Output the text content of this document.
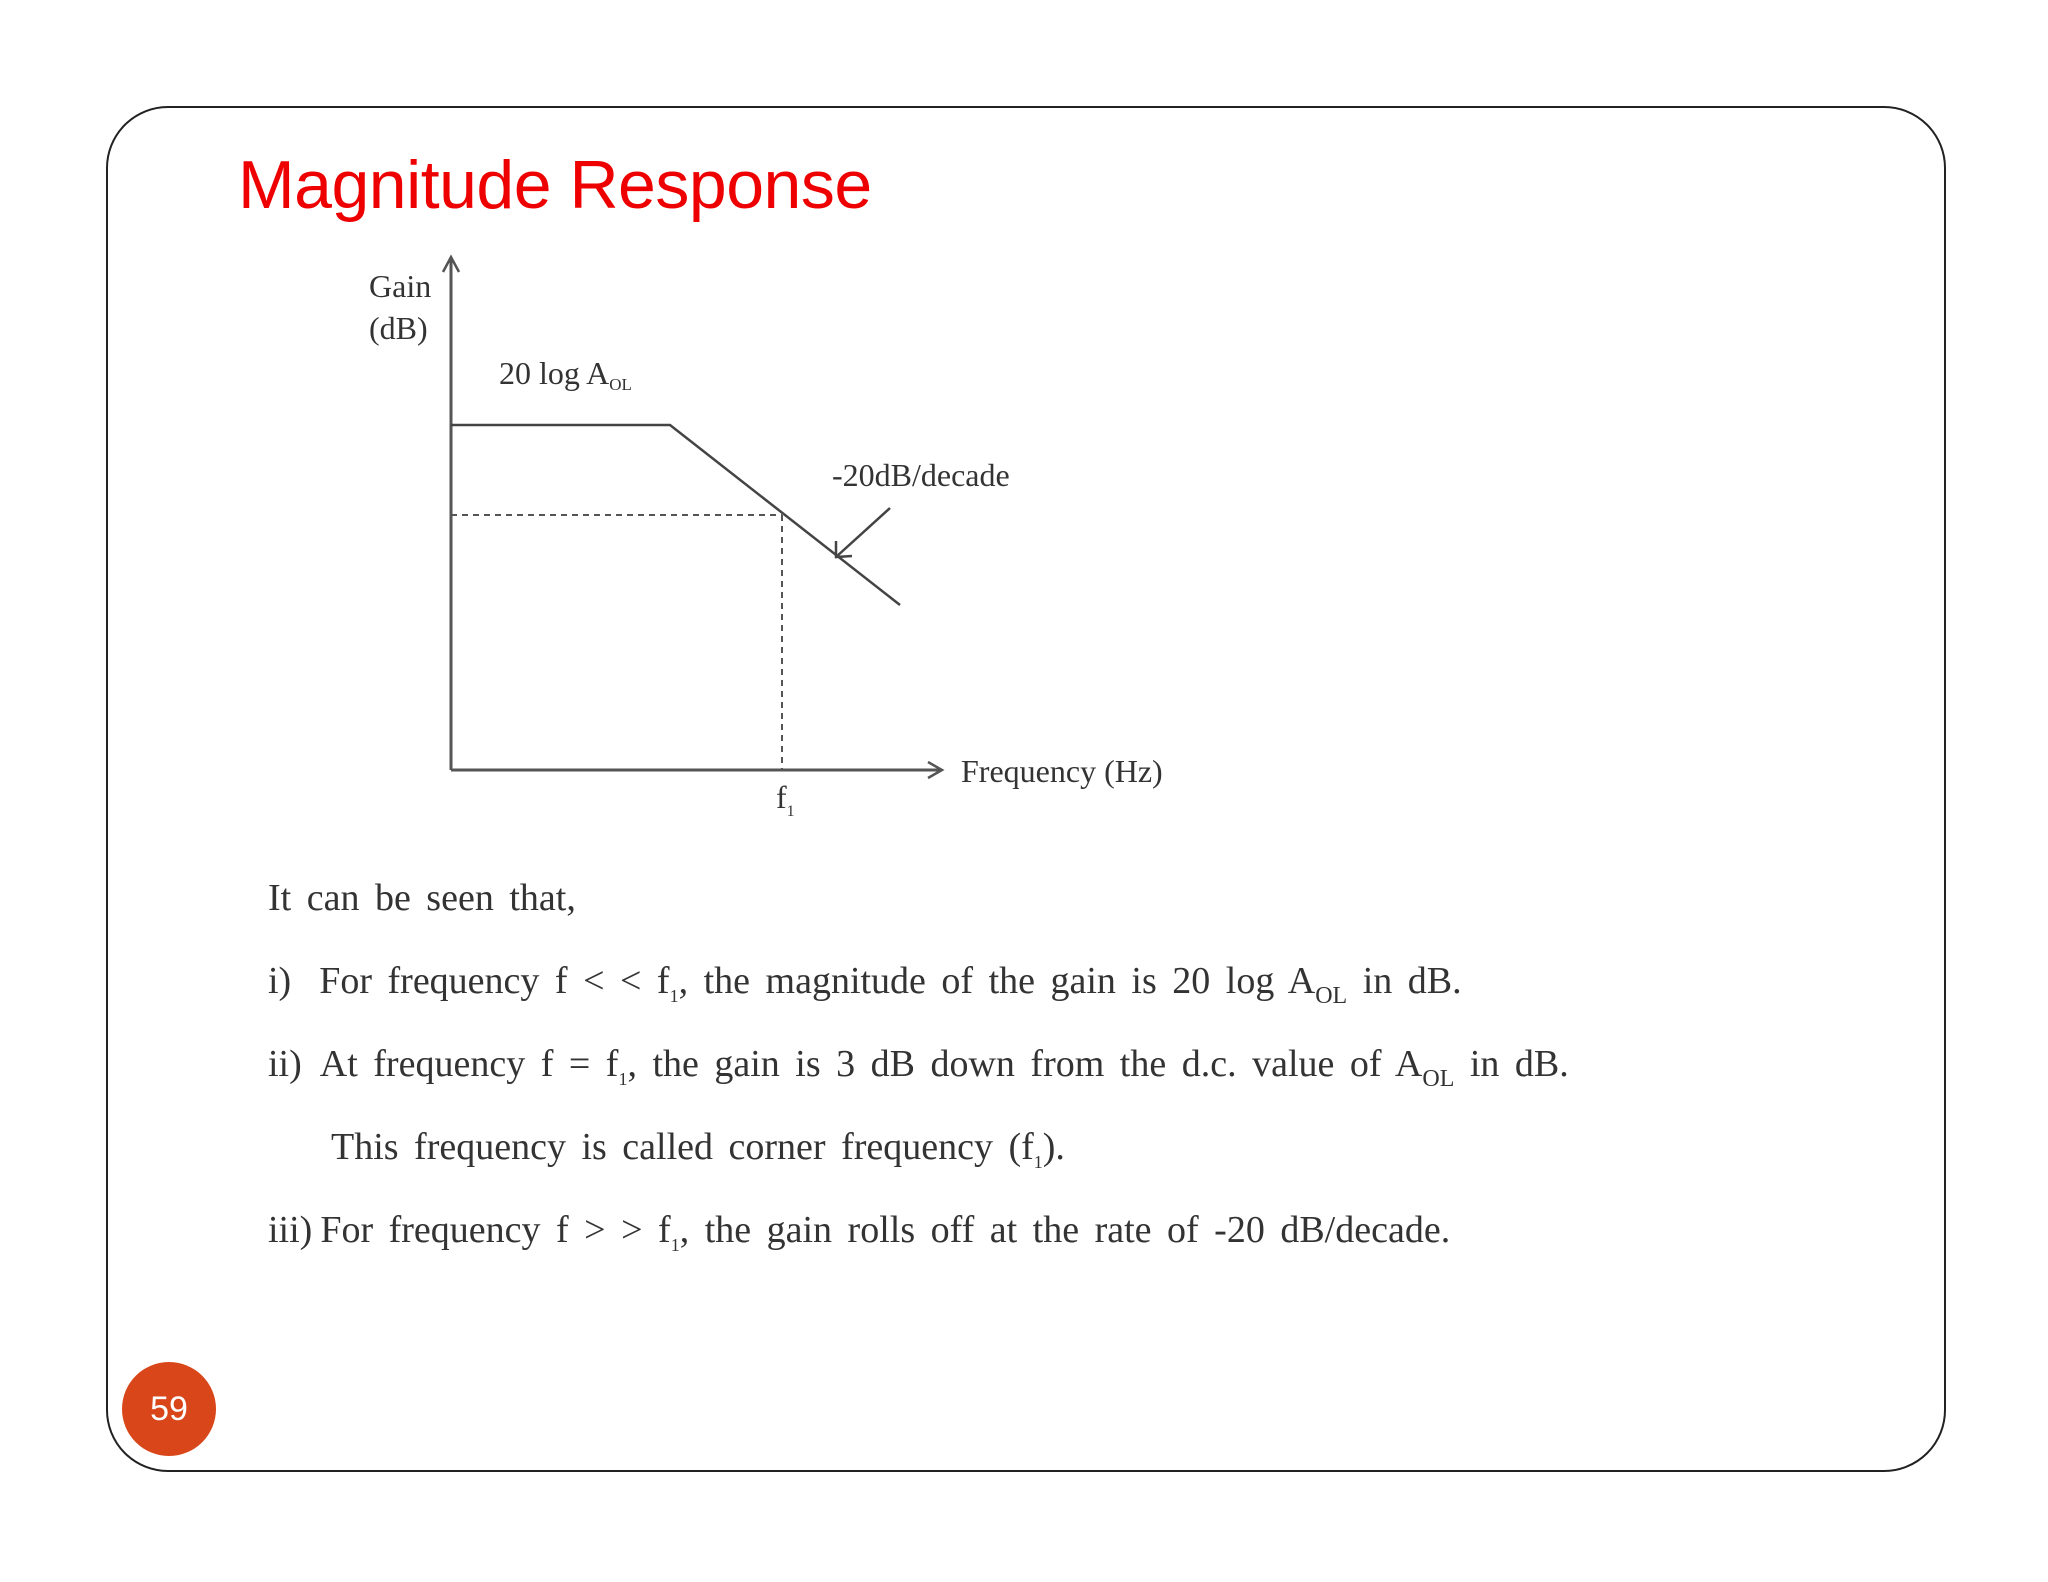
Magnitude Response
Gain
(dB)
20 log AOL
-20dB/decade
Frequency (Hz)
$f_1$
It can be seen that,
i) For frequency f < < $f_1$, the magnitude of the gain is 20 $\log A_{OL}$ in dB.
ii) At frequency $f = f_1$, the gain is 3 dB down from the d.c. value of $A_{OL}$ in dB.
This frequency is called corner frequency $(f_1)$.
iii) For frequency f > > $f_1$, the gain rolls off at the rate of -20 dB/decade.
59
